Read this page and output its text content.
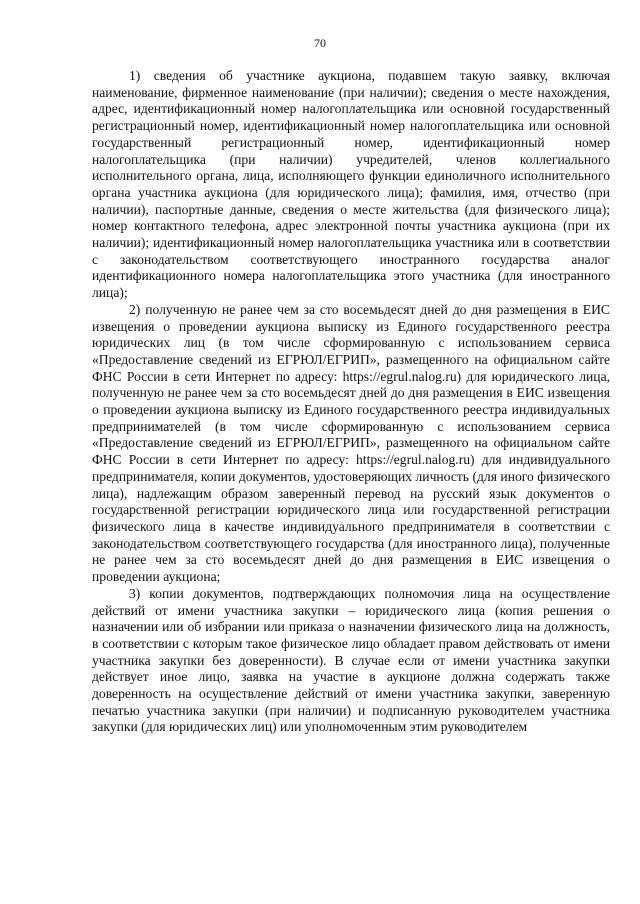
70

1) сведения об участнике аукциона, подавшем такую заявку, включая наименование, фирменное наименование (при наличии); сведения о месте нахождения, адрес, идентификационный номер налогоплательщика или основной государственный регистрационный номер, идентификационный номер налогоплательщика или основной государственный регистрационный номер, идентификационный номер налогоплательщика (при наличии) учредителей, членов коллегиального исполнительного органа, лица, исполняющего функции единоличного исполнительного органа участника аукциона (для юридического лица); фамилия, имя, отчество (при наличии), паспортные данные, сведения о месте жительства (для физического лица); номер контактного телефона, адрес электронной почты участника аукциона (при их наличии); идентификационный номер налогоплательщика участника или в соответствии с законодательством соответствующего иностранного государства аналог идентификационного номера налогоплательщика этого участника (для иностранного лица);

2) полученную не ранее чем за сто восемьдесят дней до дня размещения в ЕИС извещения о проведении аукциона выписку из Единого государственного реестра юридических лиц (в том числе сформированную с использованием сервиса «Предоставление сведений из ЕГРЮЛ/ЕГРИП», размещенного на официальном сайте ФНС России в сети Интернет по адресу: https://egrul.nalog.ru) для юридического лица, полученную не ранее чем за сто восемьдесят дней до дня размещения в ЕИС извещения о проведении аукциона выписку из Единого государственного реестра индивидуальных предпринимателей (в том числе сформированную с использованием сервиса «Предоставление сведений из ЕГРЮЛ/ЕГРИП», размещенного на официальном сайте ФНС России в сети Интернет по адресу: https://egrul.nalog.ru) для индивидуального предпринимателя, копии документов, удостоверяющих личность (для иного физического лица), надлежащим образом заверенный перевод на русский язык документов о государственной регистрации юридического лица или государственной регистрации физического лица в качестве индивидуального предпринимателя в соответствии с законодательством соответствующего государства (для иностранного лица), полученные не ранее чем за сто восемьдесят дней до дня размещения в ЕИС извещения о проведении аукциона;

3) копии документов, подтверждающих полномочия лица на осуществление действий от имени участника закупки – юридического лица (копия решения о назначении или об избрании или приказа о назначении физического лица на должность, в соответствии с которым такое физическое лицо обладает правом действовать от имени участника закупки без доверенности). В случае если от имени участника закупки действует иное лицо, заявка на участие в аукционе должна содержать также доверенность на осуществление действий от имени участника закупки, заверенную печатью участника закупки (при наличии) и подписанную руководителем участника закупки (для юридических лиц) или уполномоченным этим руководителем
